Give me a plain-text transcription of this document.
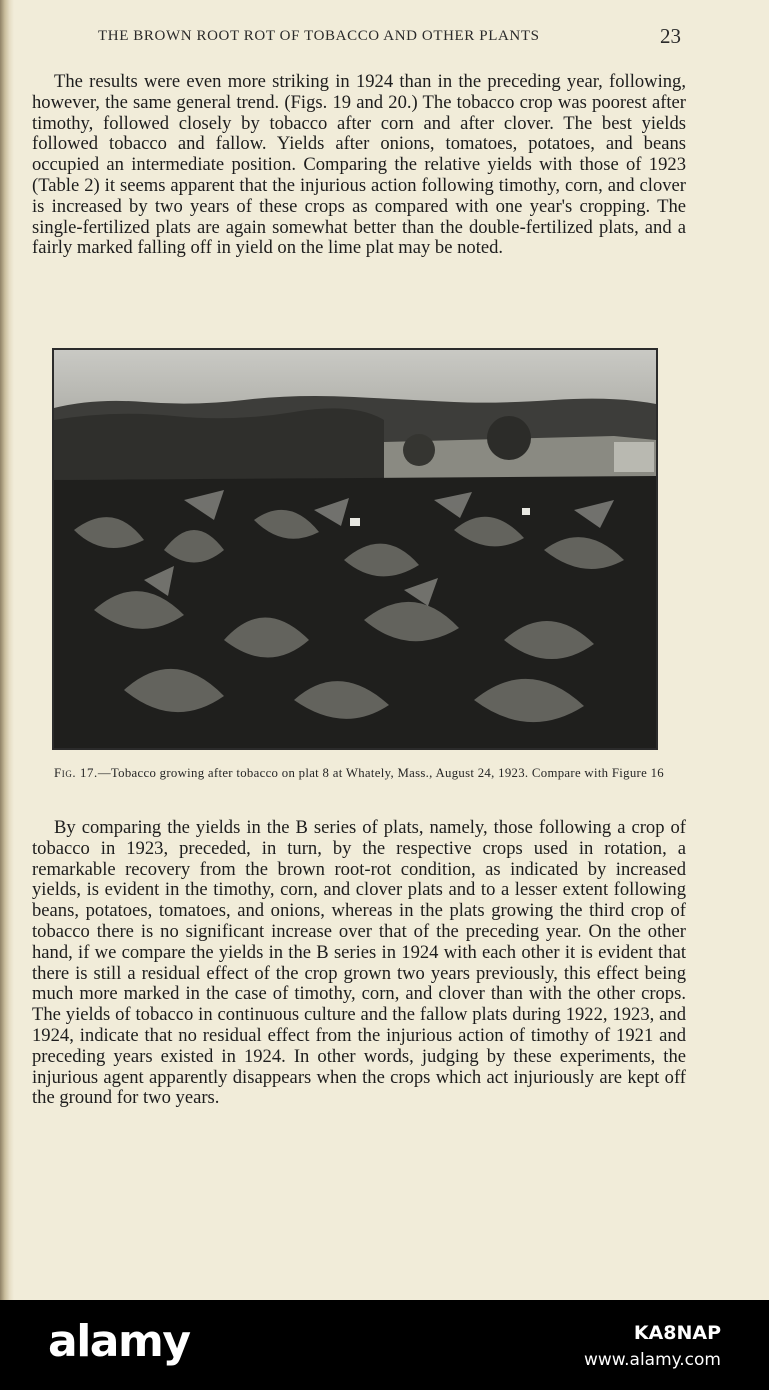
THE BROWN ROOT ROT OF TOBACCO AND OTHER PLANTS	23

The results were even more striking in 1924 than in the preceding year, following, however, the same general trend. (Figs. 19 and 20.) The tobacco crop was poorest after timothy, followed closely by tobacco after corn and after clover. The best yields followed tobacco and fallow. Yields after onions, tomatoes, potatoes, and beans occupied an intermediate position. Comparing the relative yields with those of 1923 (Table 2) it seems apparent that the injurious action following timothy, corn, and clover is increased by two years of these crops as compared with one year's cropping. The single-fertilized plats are again somewhat better than the double-fertilized plats, and a fairly marked falling off in yield on the lime plat may be noted.

Fig. 17.—Tobacco growing after tobacco on plat 8 at Whately, Mass., August 24, 1923. Compare with Figure 16

By comparing the yields in the B series of plats, namely, those following a crop of tobacco in 1923, preceded, in turn, by the respective crops used in rotation, a remarkable recovery from the brown root-rot condition, as indicated by increased yields, is evident in the timothy, corn, and clover plats and to a lesser extent following beans, potatoes, tomatoes, and onions, whereas in the plats growing the third crop of tobacco there is no significant increase over that of the preceding year. On the other hand, if we compare the yields in the B series in 1924 with each other it is evident that there is still a residual effect of the crop grown two years previously, this effect being much more marked in the case of timothy, corn, and clover than with the other crops. The yields of tobacco in continuous culture and the fallow plats during 1922, 1923, and 1924, indicate that no residual effect from the injurious action of timothy of 1921 and preceding years existed in 1924. In other words, judging by these experiments, the injurious agent apparently disappears when the crops which act injuriously are kept off the ground for two years.

alamy	KA8NAP
www.alamy.com
